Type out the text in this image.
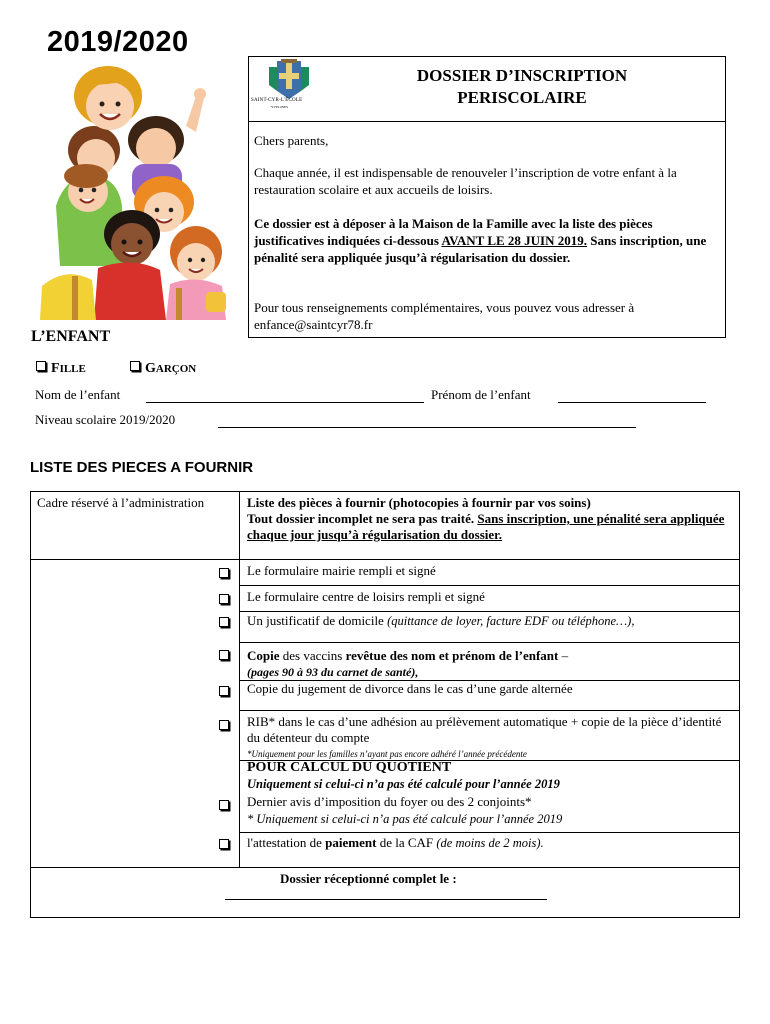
2019/2020
SAINT-CYR-L'ÉCOLE
YVELINES
DOSSIER D’INSCRIPTION
PERISCOLAIRE
Chers parents,
Chaque année, il est indispensable de renouveler l’inscription de votre enfant à la restauration scolaire et aux accueils de loisirs.
Ce dossier est à déposer à la Maison de la Famille avec la liste des pièces justificatives indiquées ci-dessous AVANT LE 28 JUIN 2019. Sans inscription, une pénalité sera appliquée jusqu’à régularisation du dossier.
Pour tous renseignements complémentaires, vous pouvez vous adresser à enfance@saintcyr78.fr
L’ENFANT
FILLE	GARÇON
Nom de l’enfant	Prénom de l’enfant
Niveau scolaire 2019/2020
LISTE DES PIECES A FOURNIR
Cadre réservé à l’administration	Liste des pièces à fournir (photocopies à fournir par vos soins)
Tout dossier incomplet ne sera pas traité. Sans inscription, une pénalité sera appliquée chaque jour jusqu’à régularisation du dossier.
Le formulaire mairie rempli et signé
Le formulaire centre de loisirs rempli et signé
Un justificatif de domicile (quittance de loyer, facture EDF ou téléphone…),
Copie des vaccins revêtue des nom et prénom de l’enfant –
(pages 90 à 93 du carnet de santé),
Copie du jugement de divorce dans le cas d’une garde alternée
RIB* dans le cas d’une adhésion au prélèvement automatique + copie de la pièce d’identité du détenteur du compte
*Uniquement pour les familles n’ayant pas encore adhéré l’année précédente
POUR CALCUL DU QUOTIENT
Uniquement si celui-ci n’a pas été calculé pour l’année 2019
Dernier avis d’imposition du foyer ou des 2 conjoints*
* Uniquement si celui-ci n’a pas été calculé pour l’année 2019
l'attestation de paiement de la CAF (de moins de 2 mois).
Dossier réceptionné complet le :
